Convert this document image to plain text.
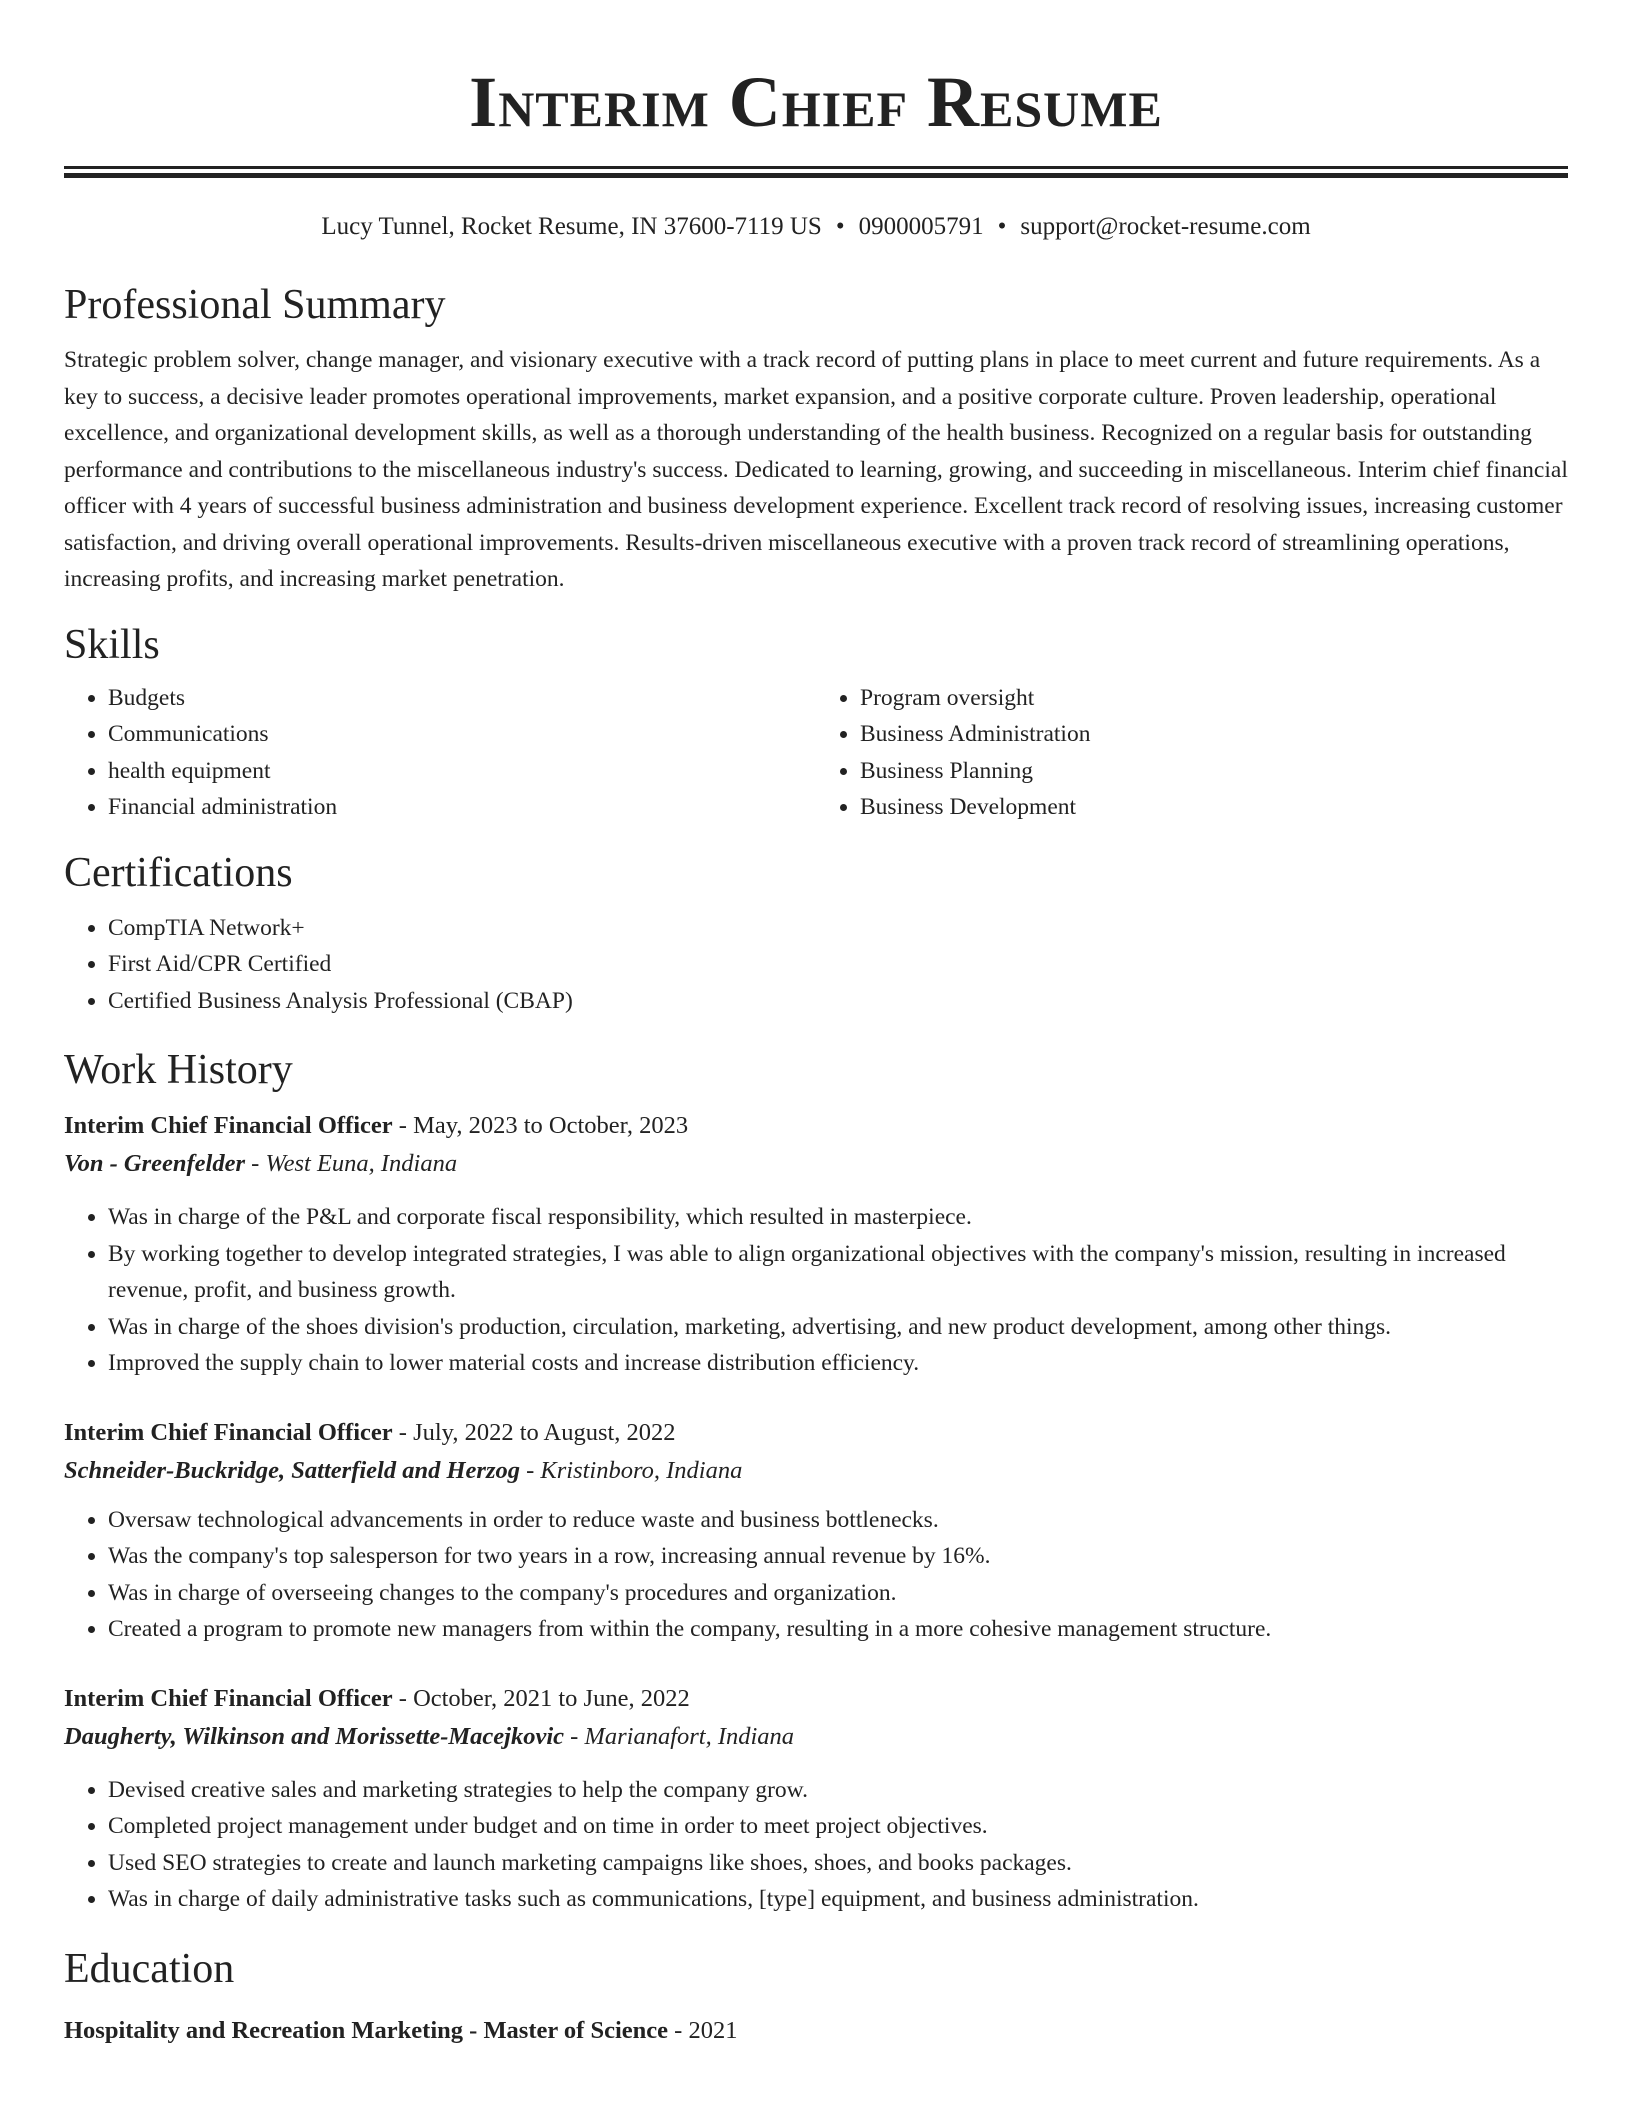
Interim Chief Resume
Lucy Tunnel, Rocket Resume, IN 37600-7119 US • 0900005791 • support@rocket-resume.com
Professional Summary

Strategic problem solver, change manager, and visionary executive with a track record of putting plans in place to meet current and future requirements. As a key to success, a decisive leader promotes operational improvements, market expansion, and a positive corporate culture. Proven leadership, operational excellence, and organizational development skills, as well as a thorough understanding of the health business. Recognized on a regular basis for outstanding performance and contributions to the miscellaneous industry's success. Dedicated to learning, growing, and succeeding in miscellaneous. Interim chief financial officer with 4 years of successful business administration and business development experience. Excellent track record of resolving issues, increasing customer satisfaction, and driving overall operational improvements. Results-driven miscellaneous executive with a proven track record of streamlining operations, increasing profits, and increasing market penetration.

Skills
• Budgets
• Communications
• health equipment
• Financial administration
• Program oversight
• Business Administration
• Business Planning
• Business Development
Certifications
• CompTIA Network+
• First Aid/CPR Certified
• Certified Business Analysis Professional (CBAP)
Work History
Interim Chief Financial Officer - May, 2023 to October, 2023
Von - Greenfelder - West Euna, Indiana
• Was in charge of the P&L and corporate fiscal responsibility, which resulted in masterpiece.
• By working together to develop integrated strategies, I was able to align organizational objectives with the company's mission, resulting in increased revenue, profit, and business growth.
• Was in charge of the shoes division's production, circulation, marketing, advertising, and new product development, among other things.
• Improved the supply chain to lower material costs and increase distribution efficiency.
Interim Chief Financial Officer - July, 2022 to August, 2022
Schneider-Buckridge, Satterfield and Herzog - Kristinboro, Indiana
• Oversaw technological advancements in order to reduce waste and business bottlenecks.
• Was the company's top salesperson for two years in a row, increasing annual revenue by 16%.
• Was in charge of overseeing changes to the company's procedures and organization.
• Created a program to promote new managers from within the company, resulting in a more cohesive management structure.
Interim Chief Financial Officer - October, 2021 to June, 2022
Daugherty, Wilkinson and Morissette-Macejkovic - Marianafort, Indiana
• Devised creative sales and marketing strategies to help the company grow.
• Completed project management under budget and on time in order to meet project objectives.
• Used SEO strategies to create and launch marketing campaigns like shoes, shoes, and books packages.
• Was in charge of daily administrative tasks such as communications, [type] equipment, and business administration.
Education
Hospitality and Recreation Marketing - Master of Science - 2021
